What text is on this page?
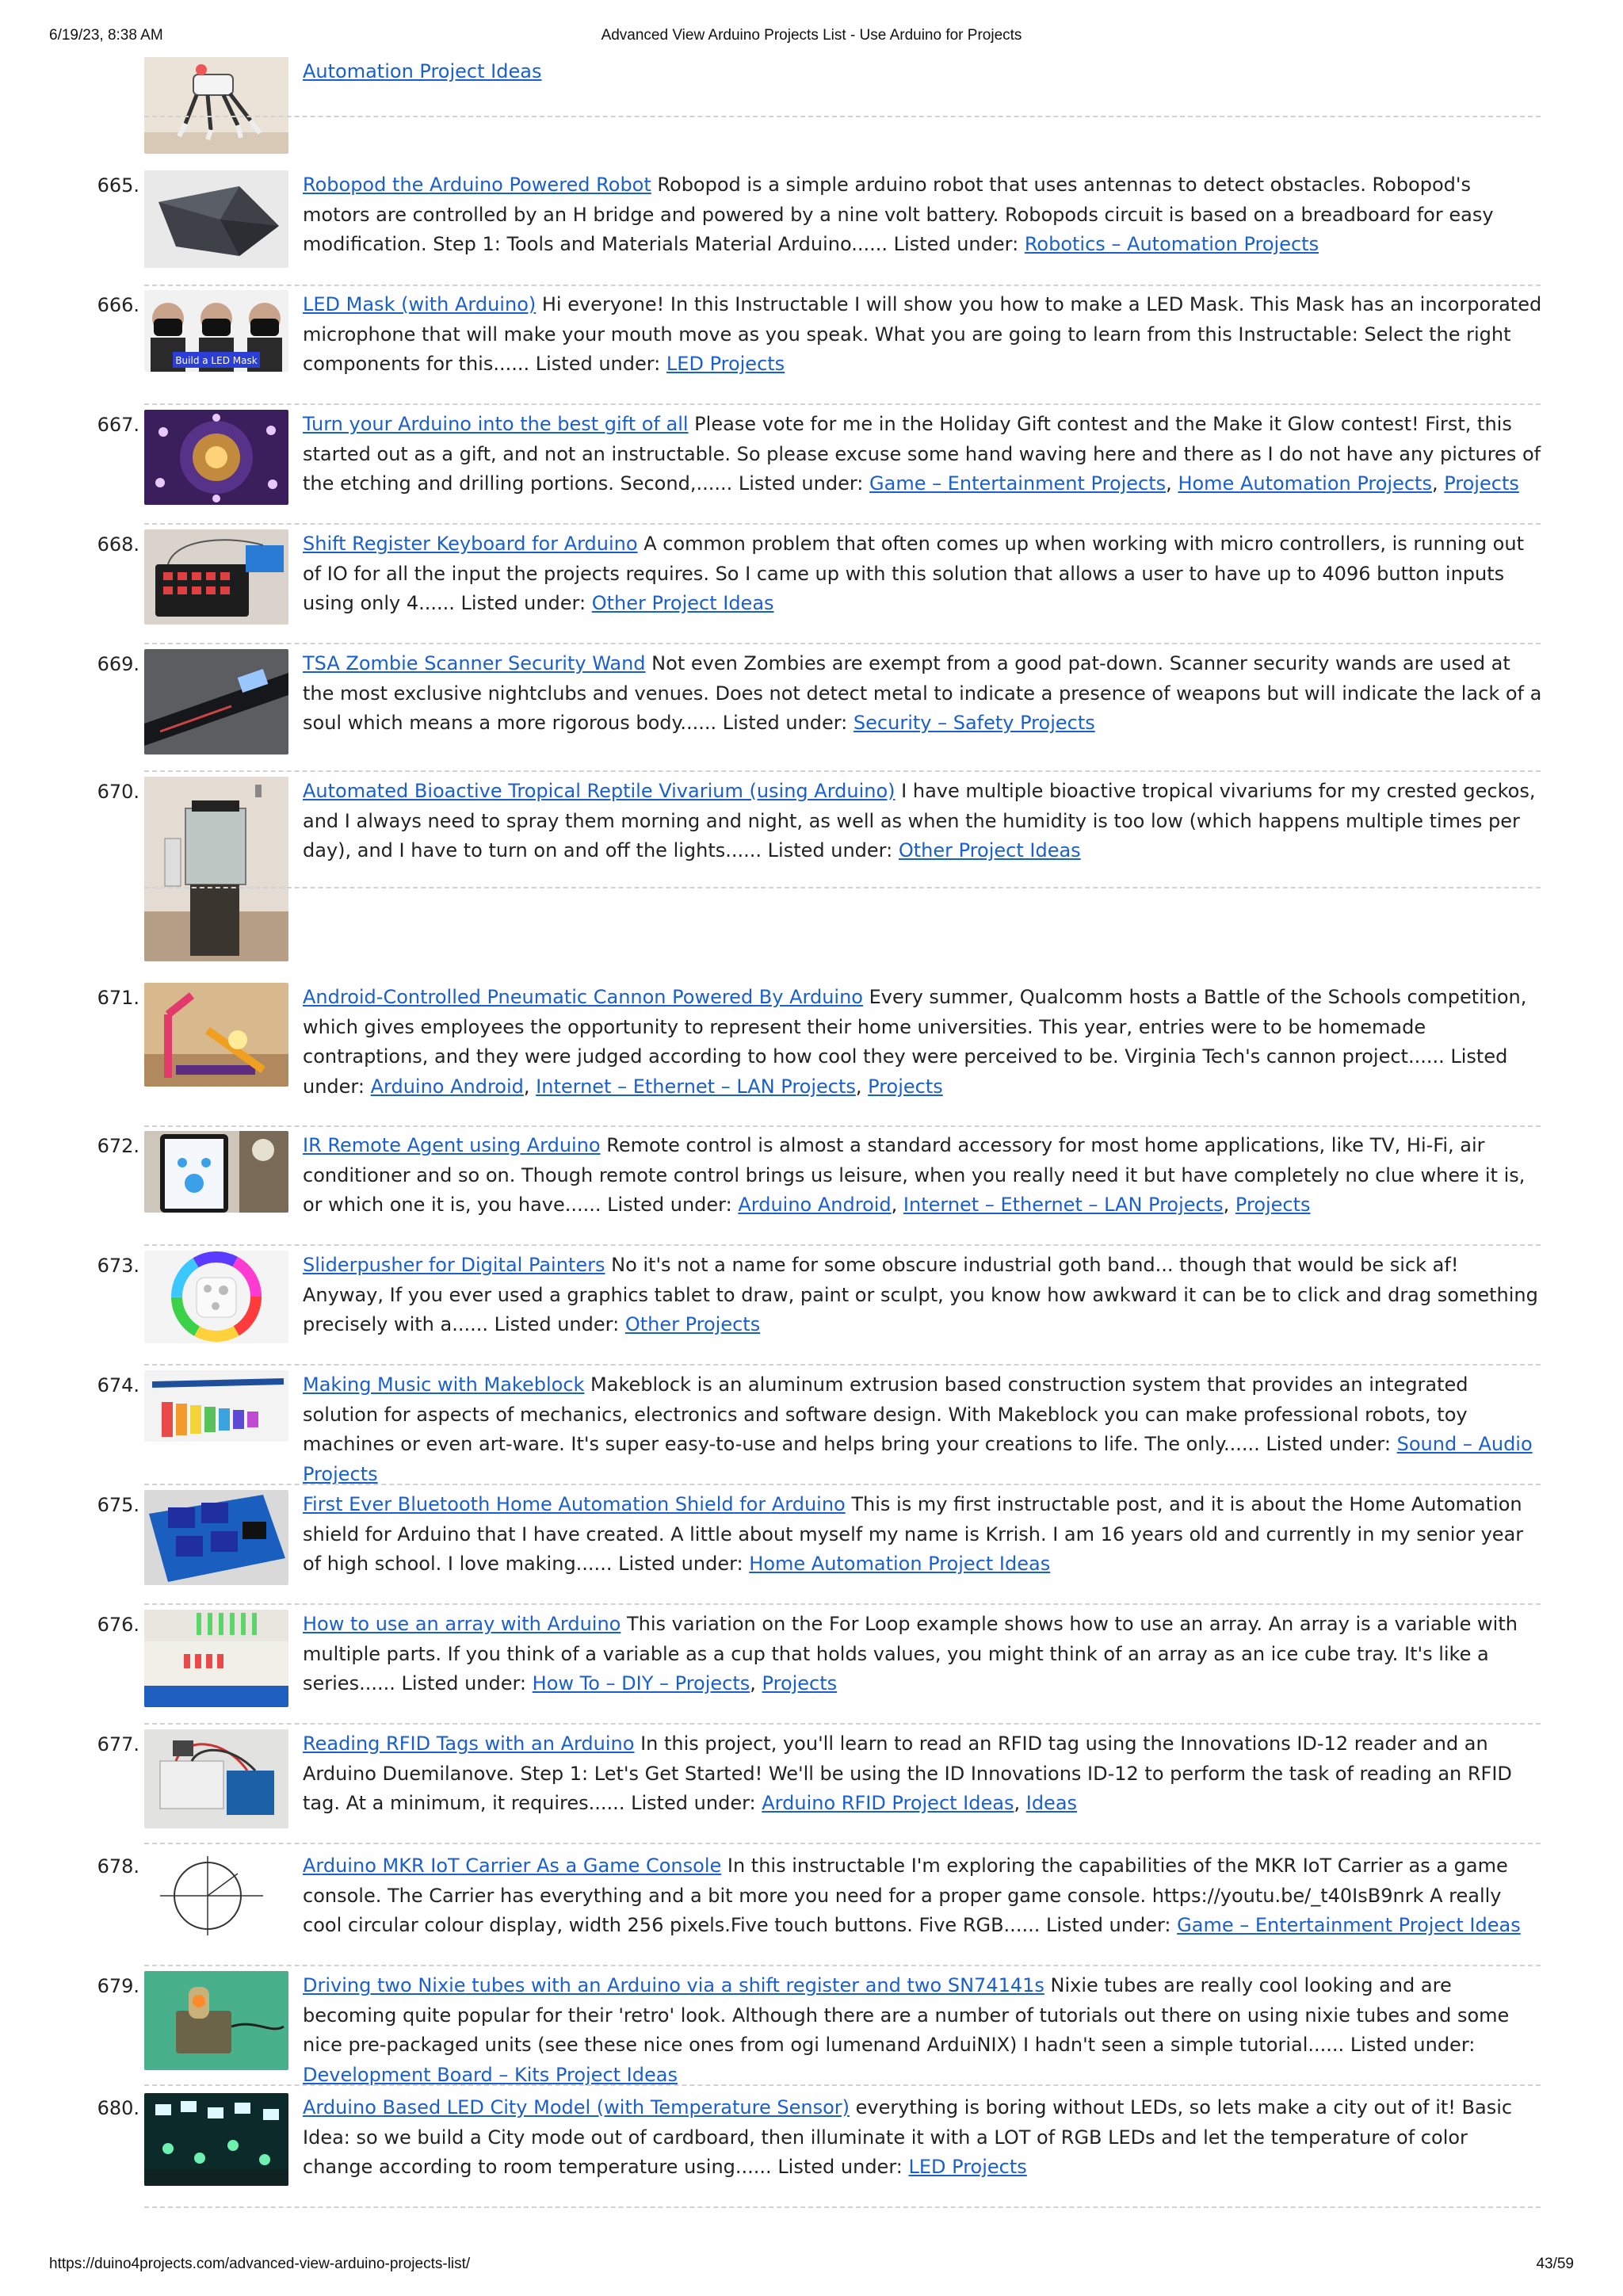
6/19/23, 8:38 AM	Advanced View Arduino Projects List - Use Arduino for Projects
Automation Project Ideas
665.	Robopod the Arduino Powered Robot Robopod is a simple arduino robot that uses antennas to detect obstacles. Robopod's motors are controlled by an H bridge and powered by a nine volt battery. Robopods circuit is based on a breadboard for easy modification. Step 1: Tools and Materials Material Arduino...... Listed under: Robotics – Automation Projects
666.
Build a LED Mask
LED Mask (with Arduino) Hi everyone! In this Instructable I will show you how to make a LED Mask. This Mask has an incorporated microphone that will make your mouth move as you speak. What you are going to learn from this Instructable: Select the right components for this...... Listed under: LED Projects
667.	Turn your Arduino into the best gift of all Please vote for me in the Holiday Gift contest and the Make it Glow contest! First, this started out as a gift, and not an instructable. So please excuse some hand waving here and there as I do not have any pictures of the etching and drilling portions. Second,...... Listed under: Game – Entertainment Projects, Home Automation Projects, Projects
668.	Shift Register Keyboard for Arduino A common problem that often comes up when working with micro controllers, is running out of IO for all the input the projects requires. So I came up with this solution that allows a user to have up to 4096 button inputs using only 4...... Listed under: Other Project Ideas
669.	TSA Zombie Scanner Security Wand Not even Zombies are exempt from a good pat-down. Scanner security wands are used at the most exclusive nightclubs and venues. Does not detect metal to indicate a presence of weapons but will indicate the lack of a soul which means a more rigorous body...... Listed under: Security – Safety Projects
670.	Automated Bioactive Tropical Reptile Vivarium (using Arduino) I have multiple bioactive tropical vivariums for my crested geckos, and I always need to spray them morning and night, as well as when the humidity is too low (which happens multiple times per day), and I have to turn on and off the lights...... Listed under: Other Project Ideas
671.	Android-Controlled Pneumatic Cannon Powered By Arduino Every summer, Qualcomm hosts a Battle of the Schools competition, which gives employees the opportunity to represent their home universities. This year, entries were to be homemade contraptions, and they were judged according to how cool they were perceived to be. Virginia Tech's cannon project...... Listed under: Arduino Android, Internet – Ethernet – LAN Projects, Projects
672.	IR Remote Agent using Arduino Remote control is almost a standard accessory for most home applications, like TV, Hi-Fi, air conditioner and so on. Though remote control brings us leisure, when you really need it but have completely no clue where it is, or which one it is, you have...... Listed under: Arduino Android, Internet – Ethernet – LAN Projects, Projects
673.	Sliderpusher for Digital Painters No it's not a name for some obscure industrial goth band... though that would be sick af! Anyway, If you ever used a graphics tablet to draw, paint or sculpt, you know how awkward it can be to click and drag something precisely with a...... Listed under: Other Projects
674.	Making Music with Makeblock Makeblock is an aluminum extrusion based construction system that provides an integrated solution for aspects of mechanics, electronics and software design. With Makeblock you can make professional robots, toy machines or even art-ware. It's super easy-to-use and helps bring your creations to life. The only...... Listed under: Sound – Audio Projects
675.	First Ever Bluetooth Home Automation Shield for Arduino This is my first instructable post, and it is about the Home Automation shield for Arduino that I have created. A little about myself my name is Krrish. I am 16 years old and currently in my senior year of high school. I love making...... Listed under: Home Automation Project Ideas
676.	How to use an array with Arduino This variation on the For Loop example shows how to use an array. An array is a variable with multiple parts. If you think of a variable as a cup that holds values, you might think of an array as an ice cube tray. It's like a series...... Listed under: How To – DIY – Projects, Projects
677.	Reading RFID Tags with an Arduino In this project, you'll learn to read an RFID tag using the Innovations ID-12 reader and an Arduino Duemilanove. Step 1: Let's Get Started! We'll be using the ID Innovations ID-12 to perform the task of reading an RFID tag. At a minimum, it requires...... Listed under: Arduino RFID Project Ideas, Ideas
678.	Arduino MKR IoT Carrier As a Game Console In this instructable I'm exploring the capabilities of the MKR IoT Carrier as a game console. The Carrier has everything and a bit more you need for a proper game console. https://youtu.be/_t40IsB9nrk A really cool circular colour display, width 256 pixels.Five touch buttons. Five RGB...... Listed under: Game – Entertainment Project Ideas
679.	Driving two Nixie tubes with an Arduino via a shift register and two SN74141s Nixie tubes are really cool looking and are becoming quite popular for their 'retro' look. Although there are a number of tutorials out there on using nixie tubes and some nice pre-packaged units (see these nice ones from ogi lumenand ArduiNIX) I hadn't seen a simple tutorial...... Listed under: Development Board – Kits Project Ideas
680.	Arduino Based LED City Model (with Temperature Sensor) everything is boring without LEDs, so lets make a city out of it! Basic Idea: so we build a City mode out of cardboard, then illuminate it with a LOT of RGB LEDs and let the temperature of color change according to room temperature using...... Listed under: LED Projects
https://duino4projects.com/advanced-view-arduino-projects-list/	43/59
